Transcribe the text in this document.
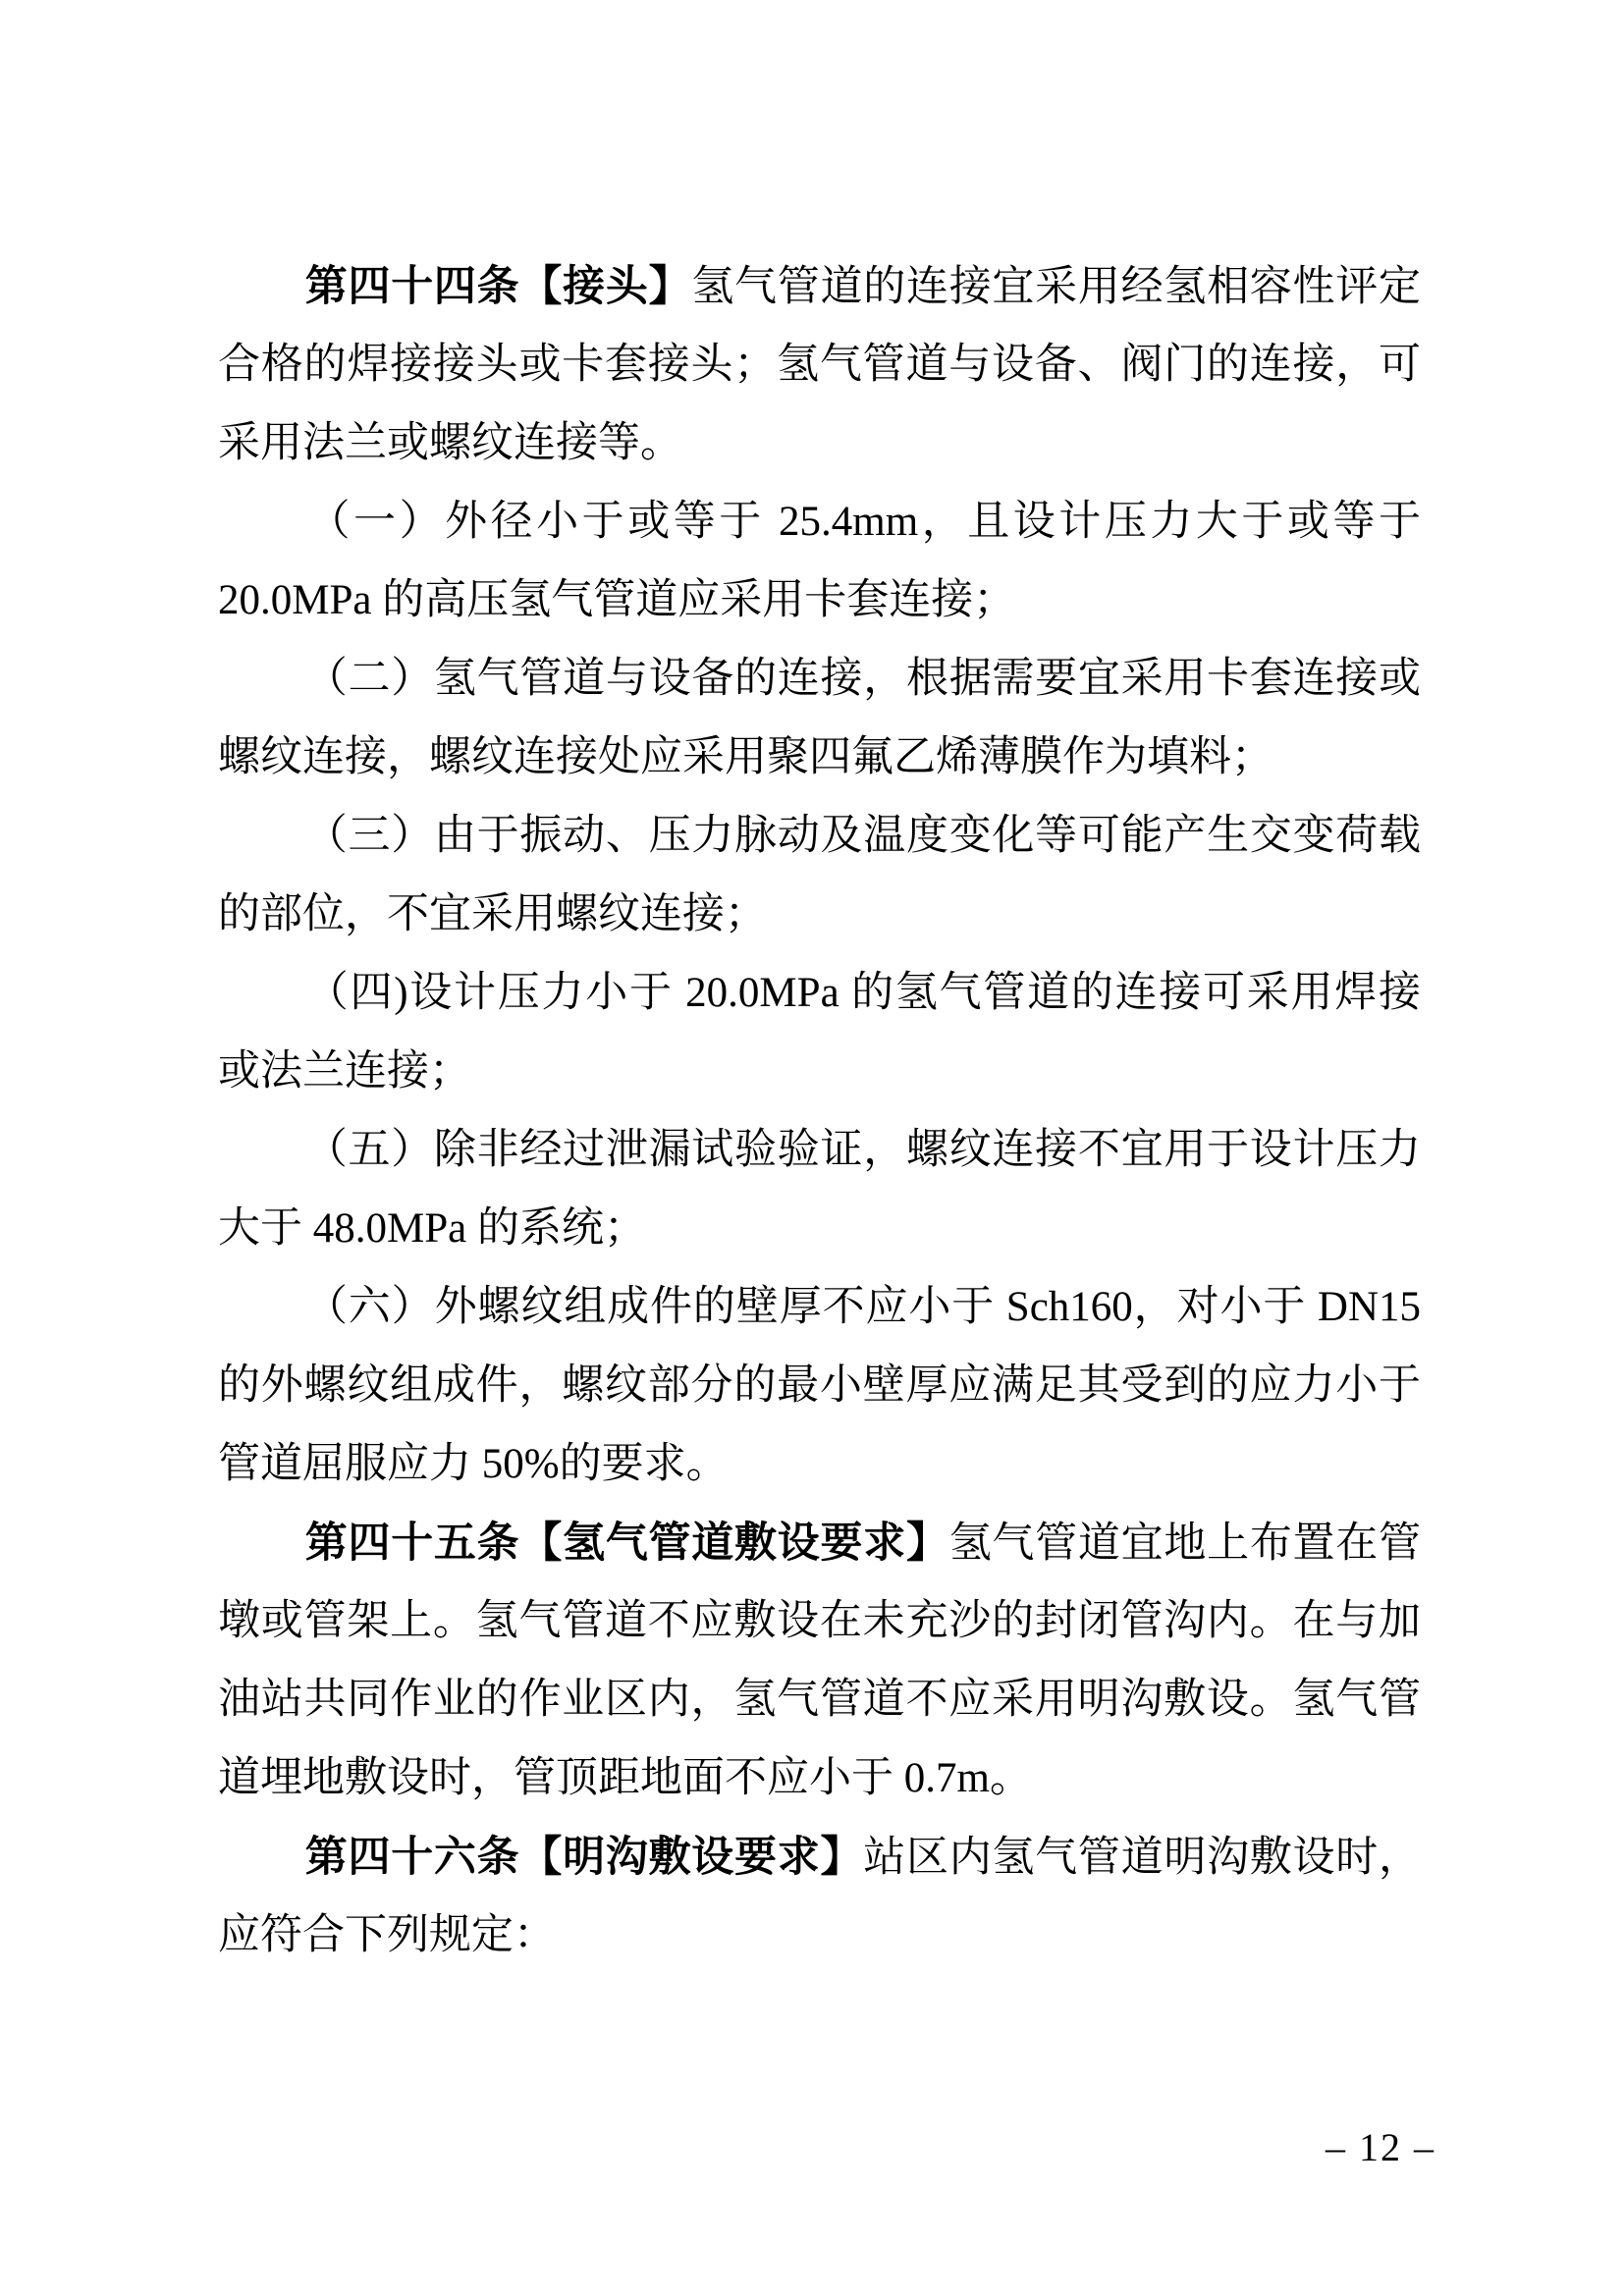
第四十四条【接头】氢气管道的连接宜采用经氢相容性评定
合格的焊接接头或卡套接头；氢气管道与设备、阀门的连接，可
采用法兰或螺纹连接等。
（一）外径小于或等于 25.4mm，且设计压力大于或等于
20.0MPa 的高压氢气管道应采用卡套连接；
（二）氢气管道与设备的连接，根据需要宜采用卡套连接或
螺纹连接，螺纹连接处应采用聚四氟乙烯薄膜作为填料；
（三）由于振动、压力脉动及温度变化等可能产生交变荷载
的部位，不宜采用螺纹连接；
（四)设计压力小于 20.0MPa 的氢气管道的连接可采用焊接
或法兰连接；
（五）除非经过泄漏试验验证，螺纹连接不宜用于设计压力
大于 48.0MPa 的系统；
（六）外螺纹组成件的壁厚不应小于 Sch160，对小于 DN15
的外螺纹组成件，螺纹部分的最小壁厚应满足其受到的应力小于
管道屈服应力 50%的要求。
第四十五条【氢气管道敷设要求】氢气管道宜地上布置在管
墩或管架上。氢气管道不应敷设在未充沙的封闭管沟内。在与加
油站共同作业的作业区内，氢气管道不应采用明沟敷设。氢气管
道埋地敷设时，管顶距地面不应小于 0.7m。
第四十六条【明沟敷设要求】站区内氢气管道明沟敷设时，
应符合下列规定：
– 12 –
